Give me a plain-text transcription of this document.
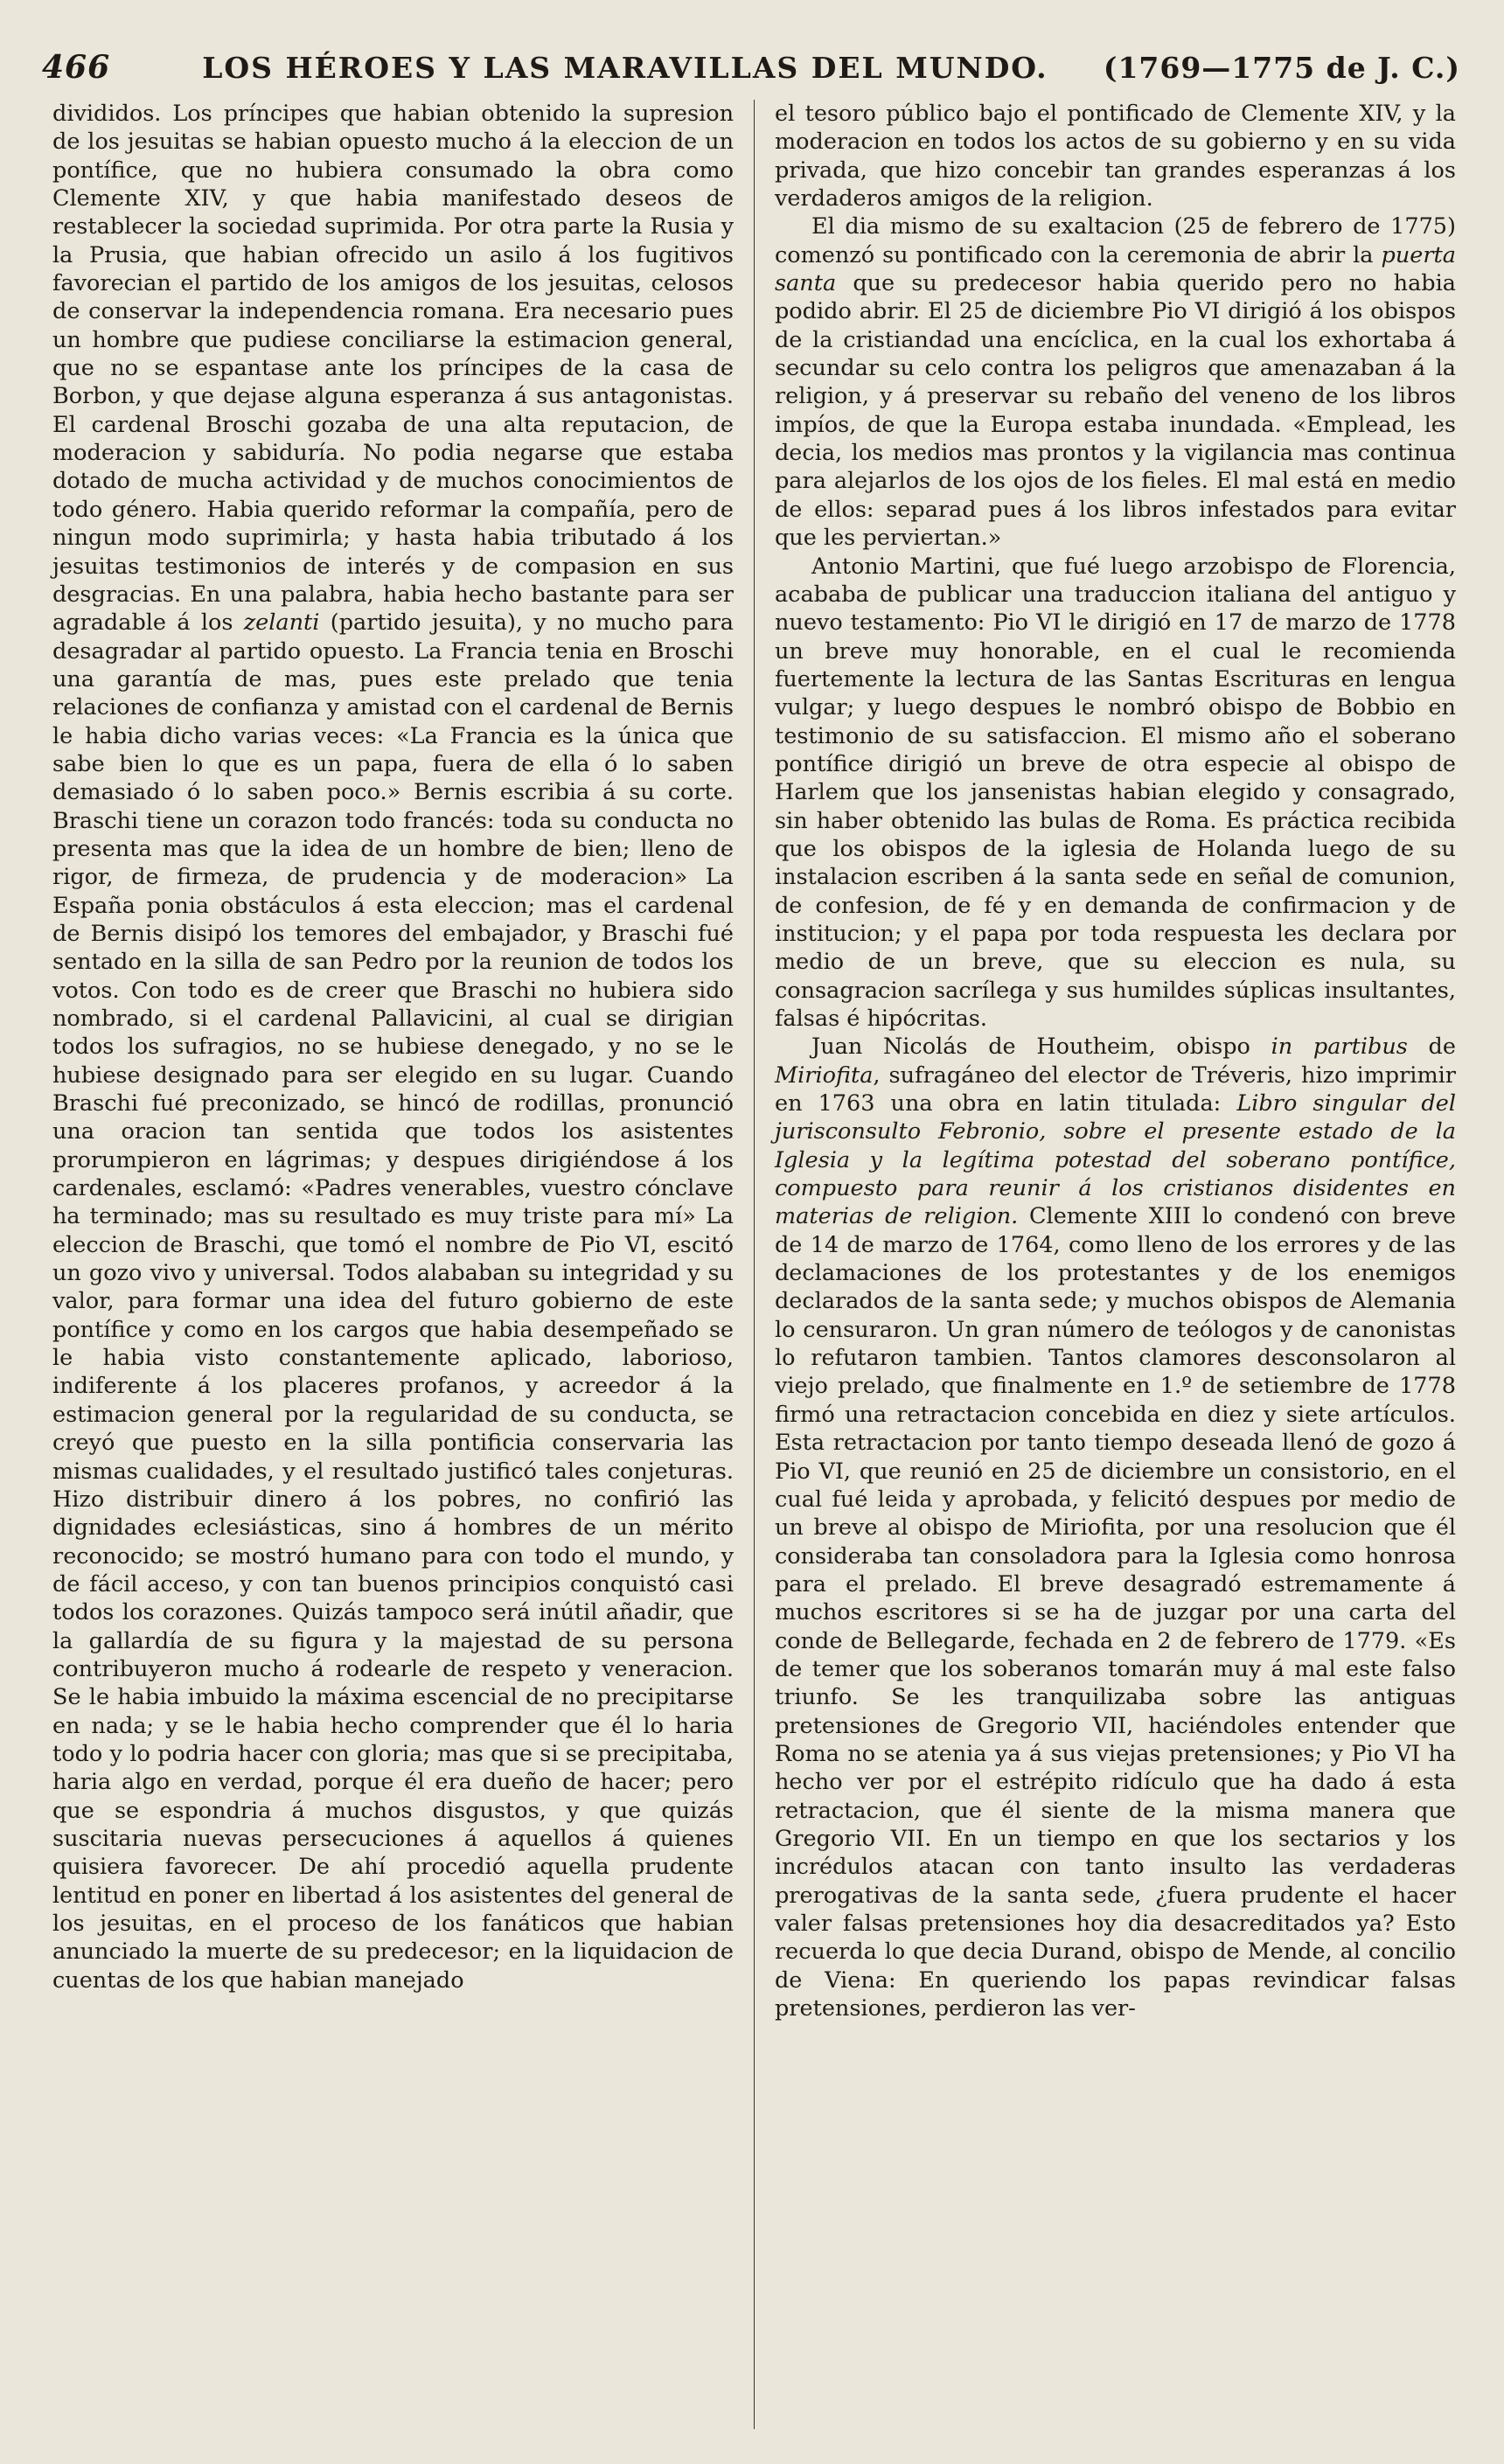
466	LOS HÉROES Y LAS MARAVILLAS DEL MUNDO.	(1769—1775 de J. C.)

divididos. Los príncipes que habian obtenido la supresion de los jesuitas se habian opuesto mucho á la eleccion de un pontífice, que no hubiera consumado la obra como Clemente XIV, y que habia manifestado deseos de restablecer la sociedad suprimida. Por otra parte la Rusia y la Prusia, que habian ofrecido un asilo á los fugitivos favorecian el partido de los amigos de los jesuitas, celosos de conservar la independencia romana. Era necesario pues un hombre que pudiese conciliarse la estimacion general, que no se espantase ante los príncipes de la casa de Borbon, y que dejase alguna esperanza á sus antagonistas. El cardenal Broschi gozaba de una alta reputacion, de moderacion y sabiduría. No podia negarse que estaba dotado de mucha actividad y de muchos conocimientos de todo género. Habia querido reformar la compañía, pero de ningun modo suprimirla; y hasta habia tributado á los jesuitas testimonios de interés y de compasion en sus desgracias. En una palabra, habia hecho bastante para ser agradable á los zelanti (partido jesuita), y no mucho para desagradar al partido opuesto. La Francia tenia en Broschi una garantía de mas, pues este prelado que tenia relaciones de confianza y amistad con el cardenal de Bernis le habia dicho varias veces: «La Francia es la única que sabe bien lo que es un papa, fuera de ella ó lo saben demasiado ó lo saben poco.» Bernis escribia á su corte. Braschi tiene un corazon todo francés: toda su conducta no presenta mas que la idea de un hombre de bien; lleno de rigor, de firmeza, de prudencia y de moderacion» La España ponia obstáculos á esta eleccion; mas el cardenal de Bernis disipó los temores del embajador, y Braschi fué sentado en la silla de san Pedro por la reunion de todos los votos. Con todo es de creer que Braschi no hubiera sido nombrado, si el cardenal Pallavicini, al cual se dirigian todos los sufragios, no se hubiese denegado, y no se le hubiese designado para ser elegido en su lugar. Cuando Braschi fué preconizado, se hincó de rodillas, pronunció una oracion tan sentida que todos los asistentes prorumpieron en lágrimas; y despues dirigiéndose á los cardenales, esclamó: «Padres venerables, vuestro cónclave ha terminado; mas su resultado es muy triste para mí» La eleccion de Braschi, que tomó el nombre de Pio VI, escitó un gozo vivo y universal. Todos alababan su integridad y su valor, para formar una idea del futuro gobierno de este pontífice y como en los cargos que habia desempeñado se le habia visto constantemente aplicado, laborioso, indiferente á los placeres profanos, y acreedor á la estimacion general por la regularidad de su conducta, se creyó que puesto en la silla pontificia conservaria las mismas cualidades, y el resultado justificó tales conjeturas. Hizo distribuir dinero á los pobres, no confirió las dignidades eclesiásticas, sino á hombres de un mérito reconocido; se mostró humano para con todo el mundo, y de fácil acceso, y con tan buenos principios conquistó casi todos los corazones. Quizás tampoco será inútil añadir, que la gallardía de su figura y la majestad de su persona contribuyeron mucho á rodearle de respeto y veneracion. Se le habia imbuido la máxima escencial de no precipitarse en nada; y se le habia hecho comprender que él lo haria todo y lo podria hacer con gloria; mas que si se precipitaba, haria algo en verdad, porque él era dueño de hacer; pero que se espondria á muchos disgustos, y que quizás suscitaria nuevas persecuciones á aquellos á quienes quisiera favorecer. De ahí procedió aquella prudente lentitud en poner en libertad á los asistentes del general de los jesuitas, en el proceso de los fanáticos que habian anunciado la muerte de su predecesor; en la liquidacion de cuentas de los que habian manejado

el tesoro público bajo el pontificado de Clemente XIV, y la moderacion en todos los actos de su gobierno y en su vida privada, que hizo concebir tan grandes esperanzas á los verdaderos amigos de la religion.

El dia mismo de su exaltacion (25 de febrero de 1775) comenzó su pontificado con la ceremonia de abrir la puerta santa que su predecesor habia querido pero no habia podido abrir. El 25 de diciembre Pio VI dirigió á los obispos de la cristiandad una encíclica, en la cual los exhortaba á secundar su celo contra los peligros que amenazaban á la religion, y á preservar su rebaño del veneno de los libros impíos, de que la Europa estaba inundada. «Emplead, les decia, los medios mas prontos y la vigilancia mas continua para alejarlos de los ojos de los fieles. El mal está en medio de ellos: separad pues á los libros infestados para evitar que les perviertan.»

Antonio Martini, que fué luego arzobispo de Florencia, acababa de publicar una traduccion italiana del antiguo y nuevo testamento: Pio VI le dirigió en 17 de marzo de 1778 un breve muy honorable, en el cual le recomienda fuertemente la lectura de las Santas Escrituras en lengua vulgar; y luego despues le nombró obispo de Bobbio en testimonio de su satisfaccion. El mismo año el soberano pontífice dirigió un breve de otra especie al obispo de Harlem que los jansenistas habian elegido y consagrado, sin haber obtenido las bulas de Roma. Es práctica recibida que los obispos de la iglesia de Holanda luego de su instalacion escriben á la santa sede en señal de comunion, de confesion, de fé y en demanda de confirmacion y de institucion; y el papa por toda respuesta les declara por medio de un breve, que su eleccion es nula, su consagracion sacrílega y sus humildes súplicas insultantes, falsas é hipócritas.

Juan Nicolás de Houtheim, obispo in partibus de Miriofita, sufragáneo del elector de Tréveris, hizo imprimir en 1763 una obra en latin titulada: Libro singular del jurisconsulto Febronio, sobre el presente estado de la Iglesia y la legítima potestad del soberano pontífice, compuesto para reunir á los cristianos disidentes en materias de religion. Clemente XIII lo condenó con breve de 14 de marzo de 1764, como lleno de los errores y de las declamaciones de los protestantes y de los enemigos declarados de la santa sede; y muchos obispos de Alemania lo censuraron. Un gran número de teólogos y de canonistas lo refutaron tambien. Tantos clamores desconsolaron al viejo prelado, que finalmente en 1.º de setiembre de 1778 firmó una retractacion concebida en diez y siete artículos. Esta retractacion por tanto tiempo deseada llenó de gozo á Pio VI, que reunió en 25 de diciembre un consistorio, en el cual fué leida y aprobada, y felicitó despues por medio de un breve al obispo de Miriofita, por una resolucion que él consideraba tan consoladora para la Iglesia como honrosa para el prelado. El breve desagradó estremamente á muchos escritores si se ha de juzgar por una carta del conde de Bellegarde, fechada en 2 de febrero de 1779. «Es de temer que los soberanos tomarán muy á mal este falso triunfo. Se les tranquilizaba sobre las antiguas pretensiones de Gregorio VII, haciéndoles entender que Roma no se atenia ya á sus viejas pretensiones; y Pio VI ha hecho ver por el estrépito ridículo que ha dado á esta retractacion, que él siente de la misma manera que Gregorio VII. En un tiempo en que los sectarios y los incrédulos atacan con tanto insulto las verdaderas prerogativas de la santa sede, ¿fuera prudente el hacer valer falsas pretensiones hoy dia desacreditados ya? Esto recuerda lo que decia Durand, obispo de Mende, al concilio de Viena: En queriendo los papas revindicar falsas pretensiones, perdieron las ver-
